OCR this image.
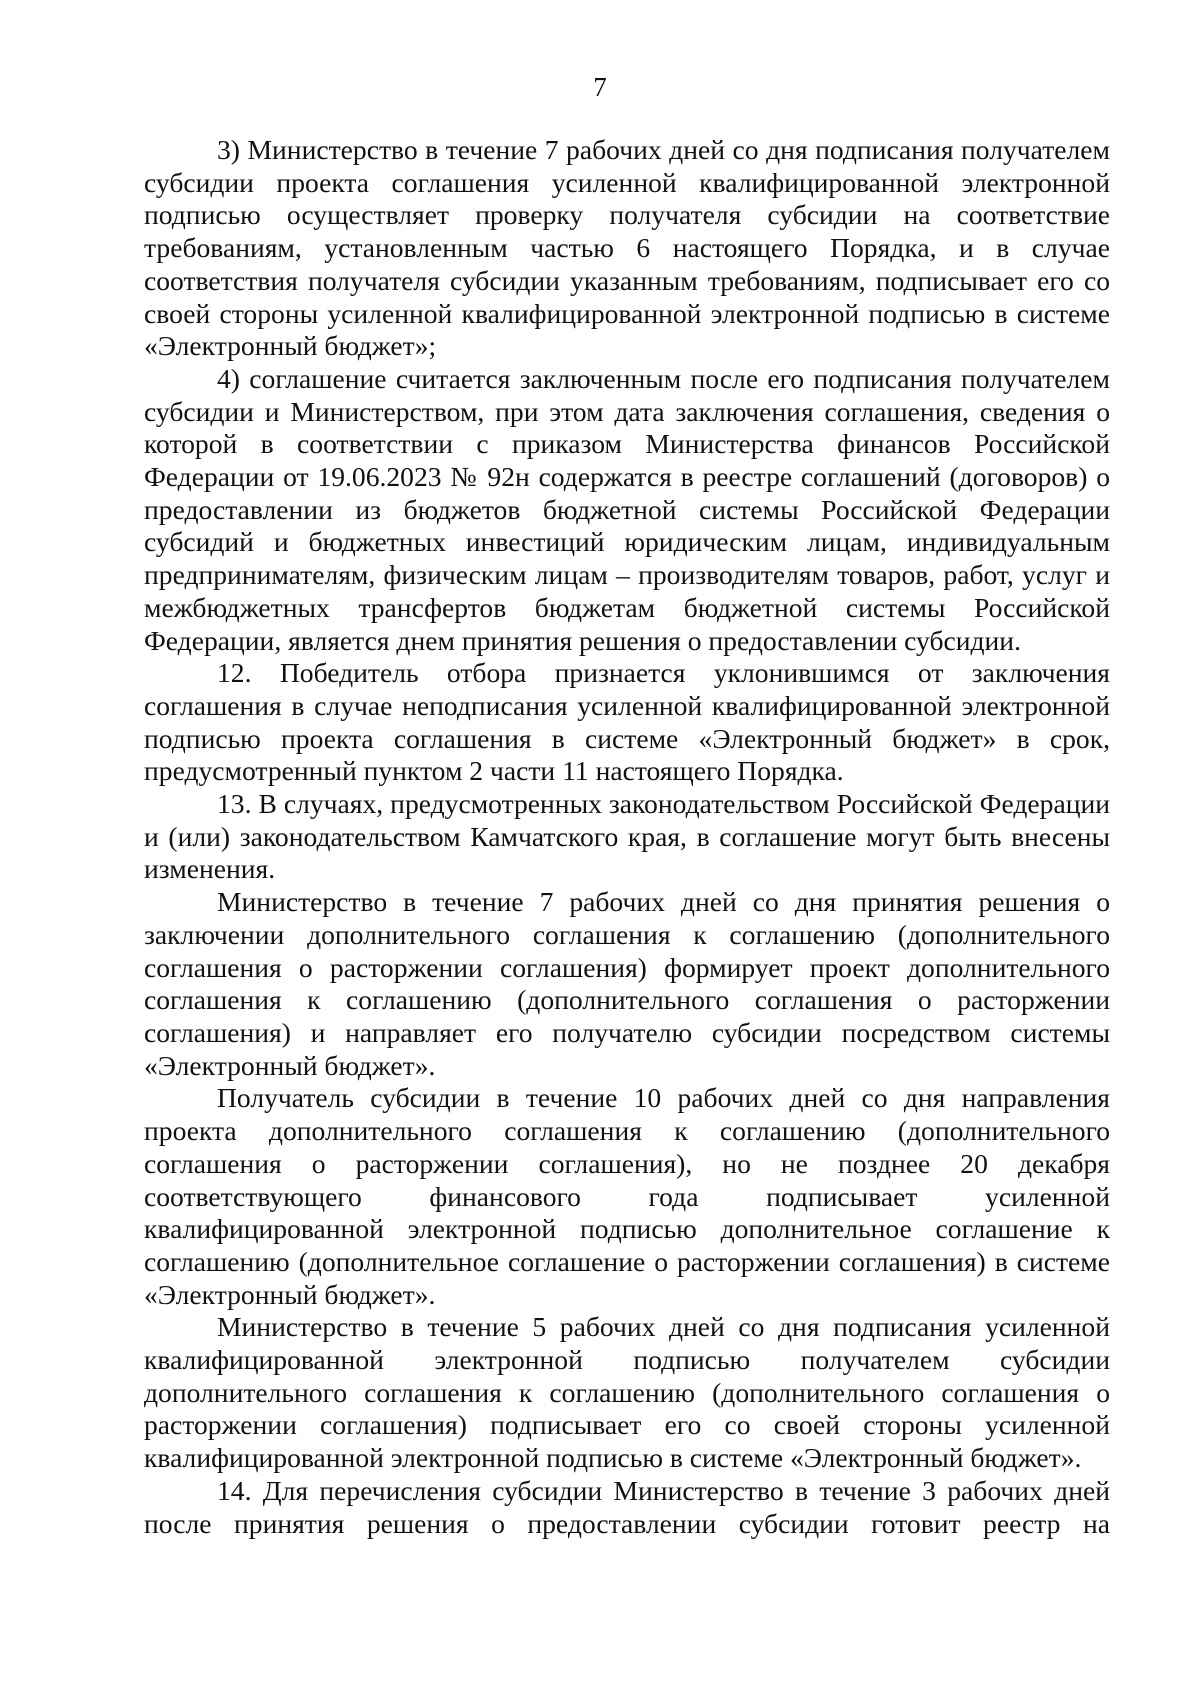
7

3) Министерство в течение 7 рабочих дней со дня подписания получателем субсидии проекта соглашения усиленной квалифицированной электронной подписью осуществляет проверку получателя субсидии на соответствие требованиям, установленным частью 6 настоящего Порядка, и в случае соответствия получателя субсидии указанным требованиям, подписывает его со своей стороны усиленной квалифицированной электронной подписью в системе «Электронный бюджет»;

4) соглашение считается заключенным после его подписания получателем субсидии и Министерством, при этом дата заключения соглашения, сведения о которой в соответствии с приказом Министерства финансов Российской Федерации от 19.06.2023 № 92н содержатся в реестре соглашений (договоров) о предоставлении из бюджетов бюджетной системы Российской Федерации субсидий и бюджетных инвестиций юридическим лицам, индивидуальным предпринимателям, физическим лицам – производителям товаров, работ, услуг и межбюджетных трансфертов бюджетам бюджетной системы Российской Федерации, является днем принятия решения о предоставлении субсидии.

12. Победитель отбора признается уклонившимся от заключения соглашения в случае неподписания усиленной квалифицированной электронной подписью проекта соглашения в системе «Электронный бюджет» в срок, предусмотренный пунктом 2 части 11 настоящего Порядка.

13. В случаях, предусмотренных законодательством Российской Федерации и (или) законодательством Камчатского края, в соглашение могут быть внесены изменения.

Министерство в течение 7 рабочих дней со дня принятия решения о заключении дополнительного соглашения к соглашению (дополнительного соглашения о расторжении соглашения) формирует проект дополнительного соглашения к соглашению (дополнительного соглашения о расторжении соглашения) и направляет его получателю субсидии посредством системы «Электронный бюджет».

Получатель субсидии в течение 10 рабочих дней со дня направления проекта дополнительного соглашения к соглашению (дополнительного соглашения о расторжении соглашения), но не позднее 20 декабря соответствующего финансового года подписывает усиленной квалифицированной электронной подписью дополнительное соглашение к соглашению (дополнительное соглашение о расторжении соглашения) в системе «Электронный бюджет».

Министерство в течение 5 рабочих дней со дня подписания усиленной квалифицированной электронной подписью получателем субсидии дополнительного соглашения к соглашению (дополнительного соглашения о расторжении соглашения) подписывает его со своей стороны усиленной квалифицированной электронной подписью в системе «Электронный бюджет».

14. Для перечисления субсидии Министерство в течение 3 рабочих дней после принятия решения о предоставлении субсидии готовит реестр на
